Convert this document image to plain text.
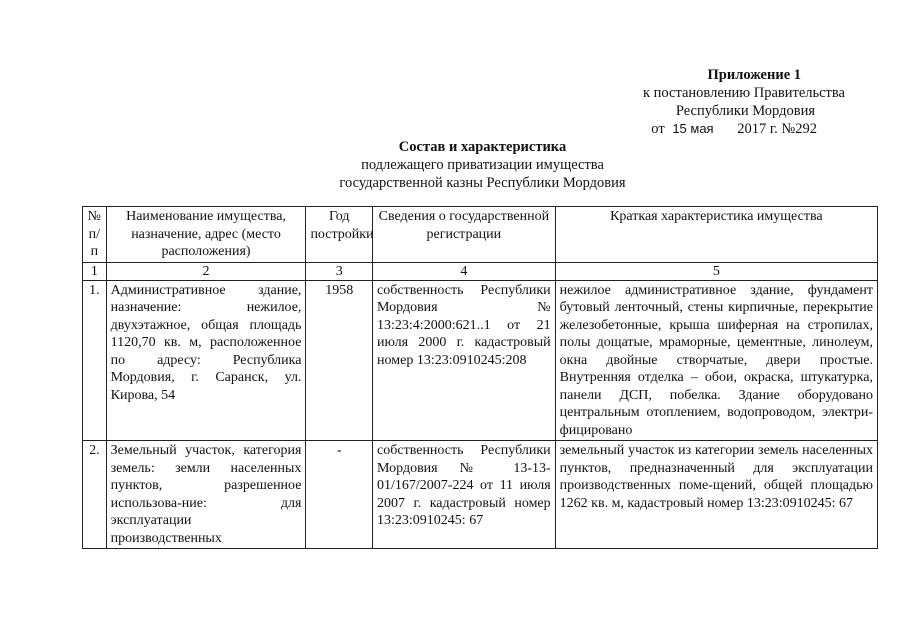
Приложение 1
к постановлению Правительства
Республики Мордовия
от 15 мая 2017 г. №292
Состав и характеристика
подлежащего приватизации имущества
государственной казны Республики Мордовия
№ п/п	Наименование имущества, назначение, адрес (место расположения)	Год постройки	Сведения о государственной регистрации	Краткая характеристика имущества
1	2	3	4	5
1.	Административное здание, назначение: нежилое, двухэтажное, общая площадь 1120,70 кв. м, расположенное по адресу: Республика Мордовия, г. Саранск, ул. Кирова, 54	1958	собственность Республики Мордовия № 13:23:4:2000:621..1 от 21 июля 2000 г. кадастровый номер 13:23:0910245:208	нежилое административное здание, фундамент бутовый ленточный, стены кирпичные, перекрытие железобетонные, крыша шиферная на стропилах, полы дощатые, мраморные, цементные, линолеум, окна двойные створчатые, двери простые. Внутренняя отделка – обои, окраска, штукатурка, панели ДСП, побелка. Здание оборудовано центральным отоплением, водопроводом, электри-фицировано
2.	Земельный участок, категория земель: земли населенных пунктов, разрешенное использова-ние: для эксплуатации производственных	-	собственность Республики Мордовия № 13-13-01/167/2007-224 от 11 июля 2007 г. кадастровый номер 13:23:0910245: 67	земельный участок из категории земель населенных пунктов, предназначенный для эксплуатации производственных поме-щений, общей площадью 1262 кв. м, кадастровый номер 13:23:0910245: 67
